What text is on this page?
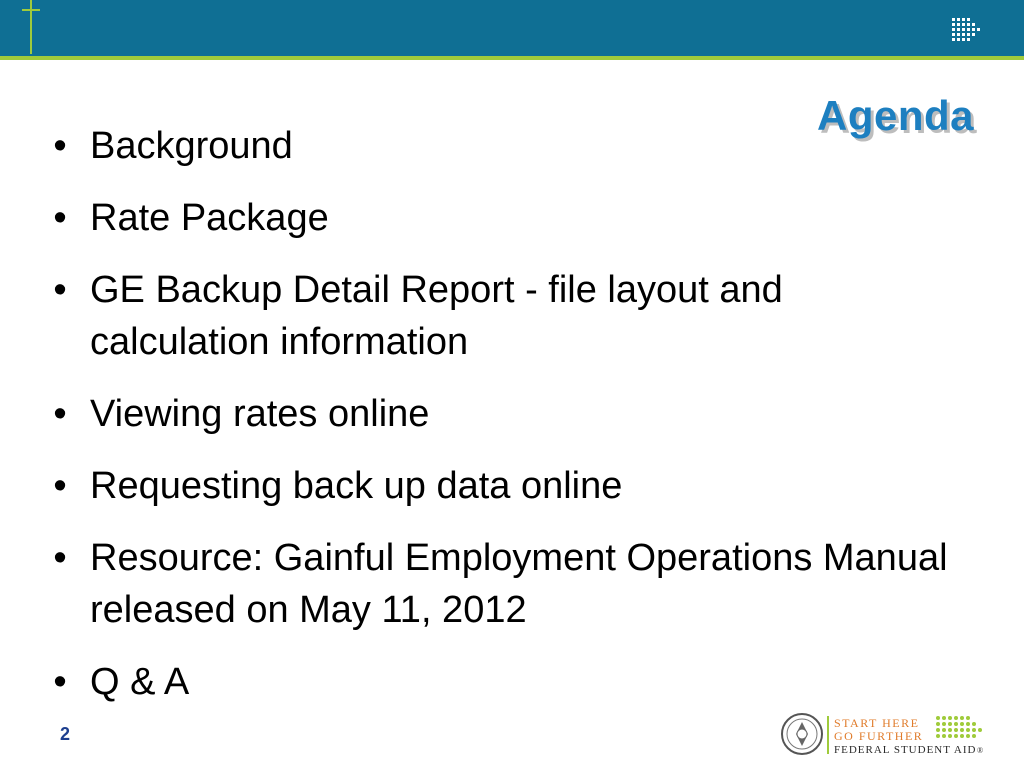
Agenda
• Background
• Rate Package
• GE Backup Detail Report - file layout and calculation information
• Viewing rates online
• Requesting back up data online
• Resource: Gainful Employment Operations Manual released on May 11, 2012
• Q & A
2
START HERE
GO FURTHER
FEDERAL STUDENT AID ®
